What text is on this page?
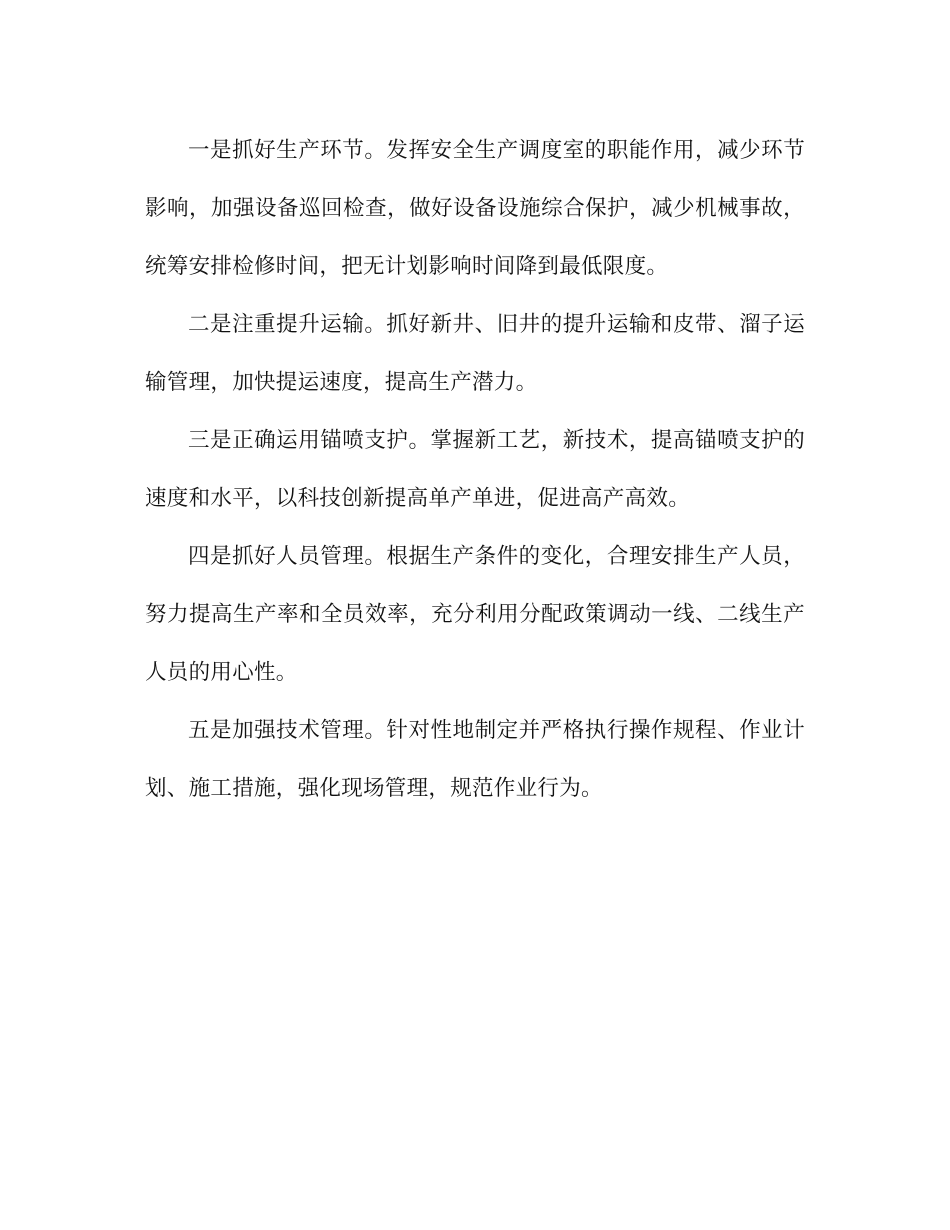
一是抓好生产环节。发挥安全生产调度室的职能作用，减少环节影响，加强设备巡回检查，做好设备设施综合保护，减少机械事故，统筹安排检修时间，把无计划影响时间降到最低限度。

二是注重提升运输。抓好新井、旧井的提升运输和皮带、溜子运输管理，加快提运速度，提高生产潜力。

三是正确运用锚喷支护。掌握新工艺，新技术，提高锚喷支护的速度和水平，以科技创新提高单产单进，促进高产高效。

四是抓好人员管理。根据生产条件的变化，合理安排生产人员，努力提高生产率和全员效率，充分利用分配政策调动一线、二线生产人员的用心性。

五是加强技术管理。针对性地制定并严格执行操作规程、作业计划、施工措施，强化现场管理，规范作业行为。
